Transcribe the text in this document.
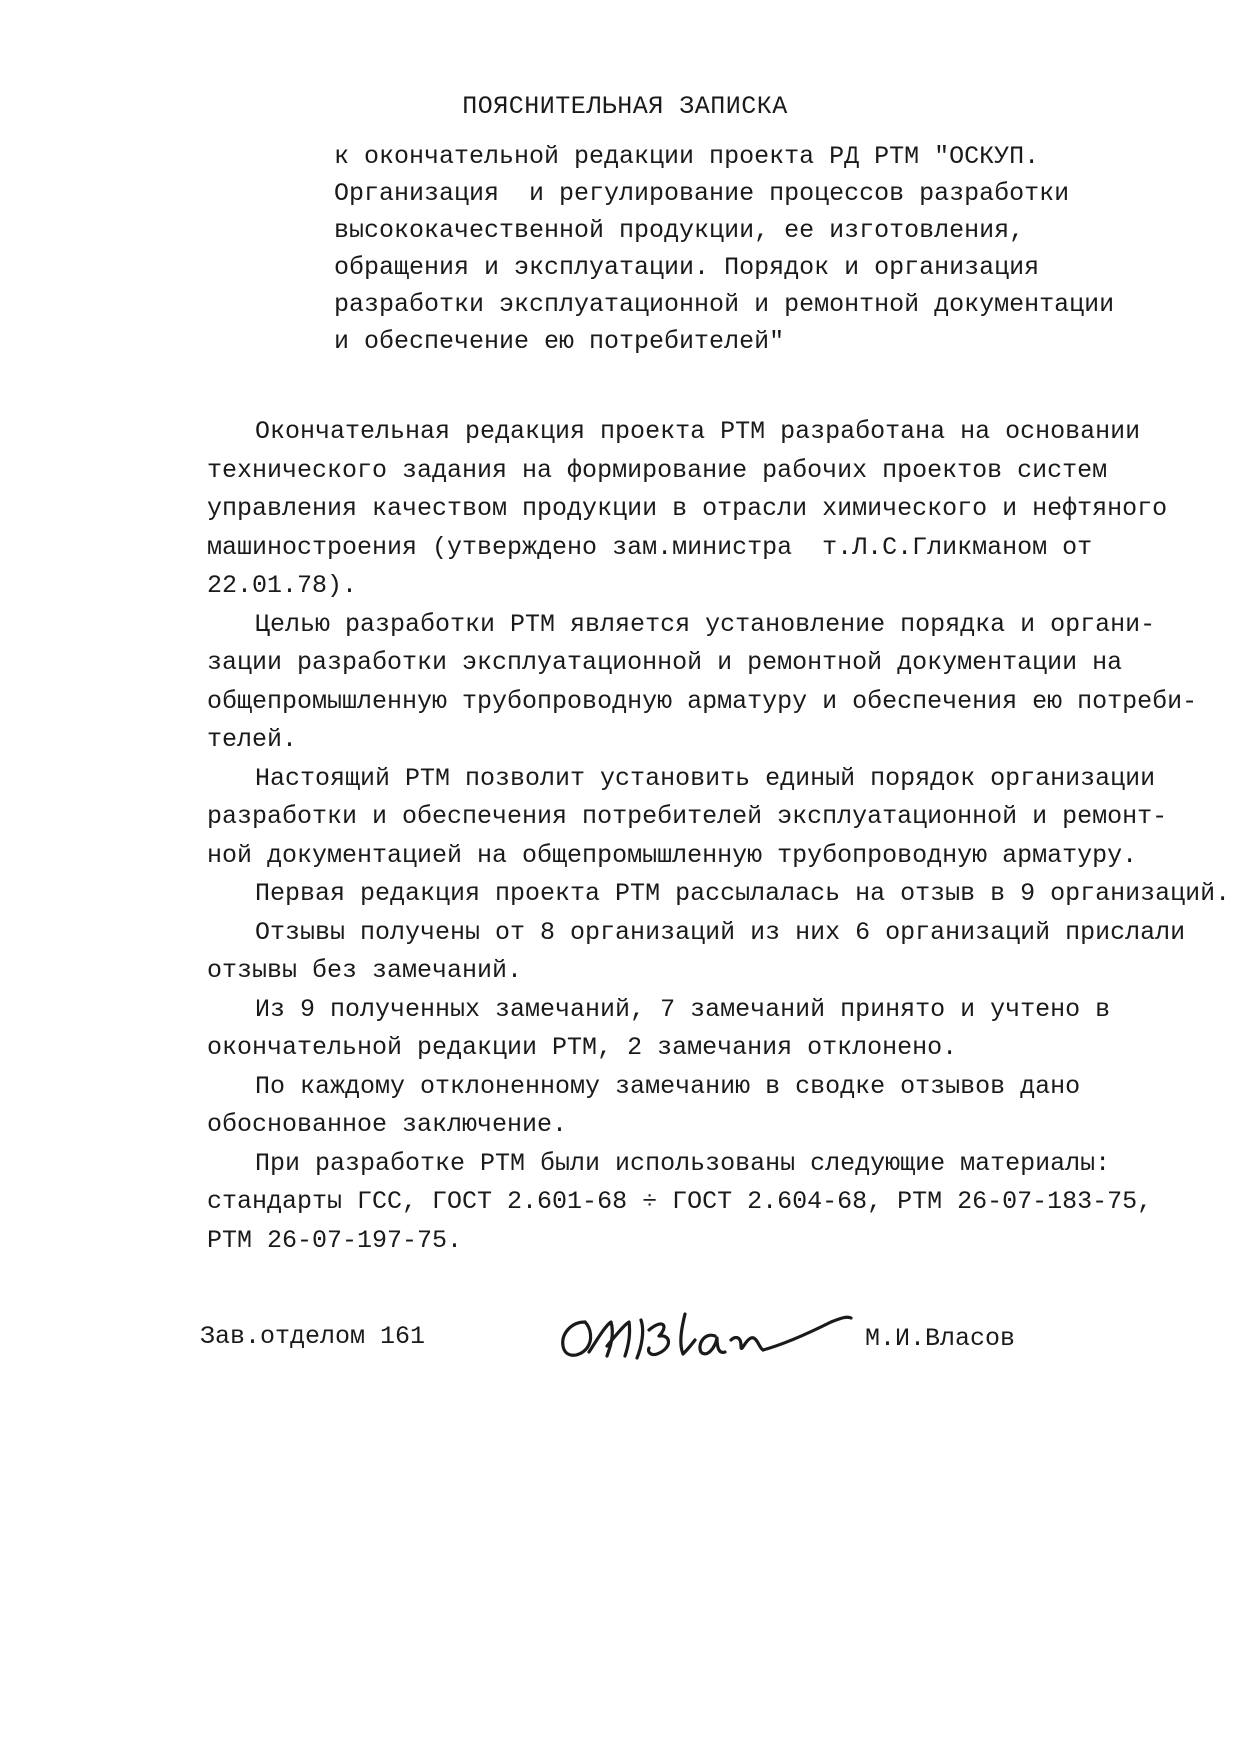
ПОЯСНИТЕЛЬНАЯ ЗАПИСКА
к окончательной редакции проекта РД РТМ "ОСКУП.
Организация  и регулирование процессов разработки
высококачественной продукции, ее изготовления,
обращения и эксплуатации. Порядок и организация
разработки эксплуатационной и ремонтной документации
и обеспечение ею потребителей"
Окончательная редакция проекта РТМ разработана на основании
технического задания на формирование рабочих проектов систем
управления качеством продукции в отрасли химического и нефтяного
машиностроения (утверждено зам.министра  т.Л.С.Гликманом от
22.01.78).
Целью разработки РТМ является установление порядка и органи-
зации разработки эксплуатационной и ремонтной документации на
общепромышленную трубопроводную арматуру и обеспечения ею потреби-
телей.
Настоящий РТМ позволит установить единый порядок организации
разработки и обеспечения потребителей эксплуатационной и ремонт-
ной документацией на общепромышленную трубопроводную арматуру.
Первая редакция проекта РТМ рассылалась на отзыв в 9 организаций.
Отзывы получены от 8 организаций из них 6 организаций прислали
отзывы без замечаний.
Из 9 полученных замечаний, 7 замечаний принято и учтено в
окончательной редакции РТМ, 2 замечания отклонено.
По каждому отклоненному замечанию в сводке отзывов дано
обоснованное заключение.
При разработке РТМ были использованы следующие материалы:
стандарты ГСС, ГОСТ 2.601-68 ÷ ГОСТ 2.604-68, РТМ 26-07-183-75,
РТМ 26-07-197-75.
Зав.отделом 161	М.И.Власов
